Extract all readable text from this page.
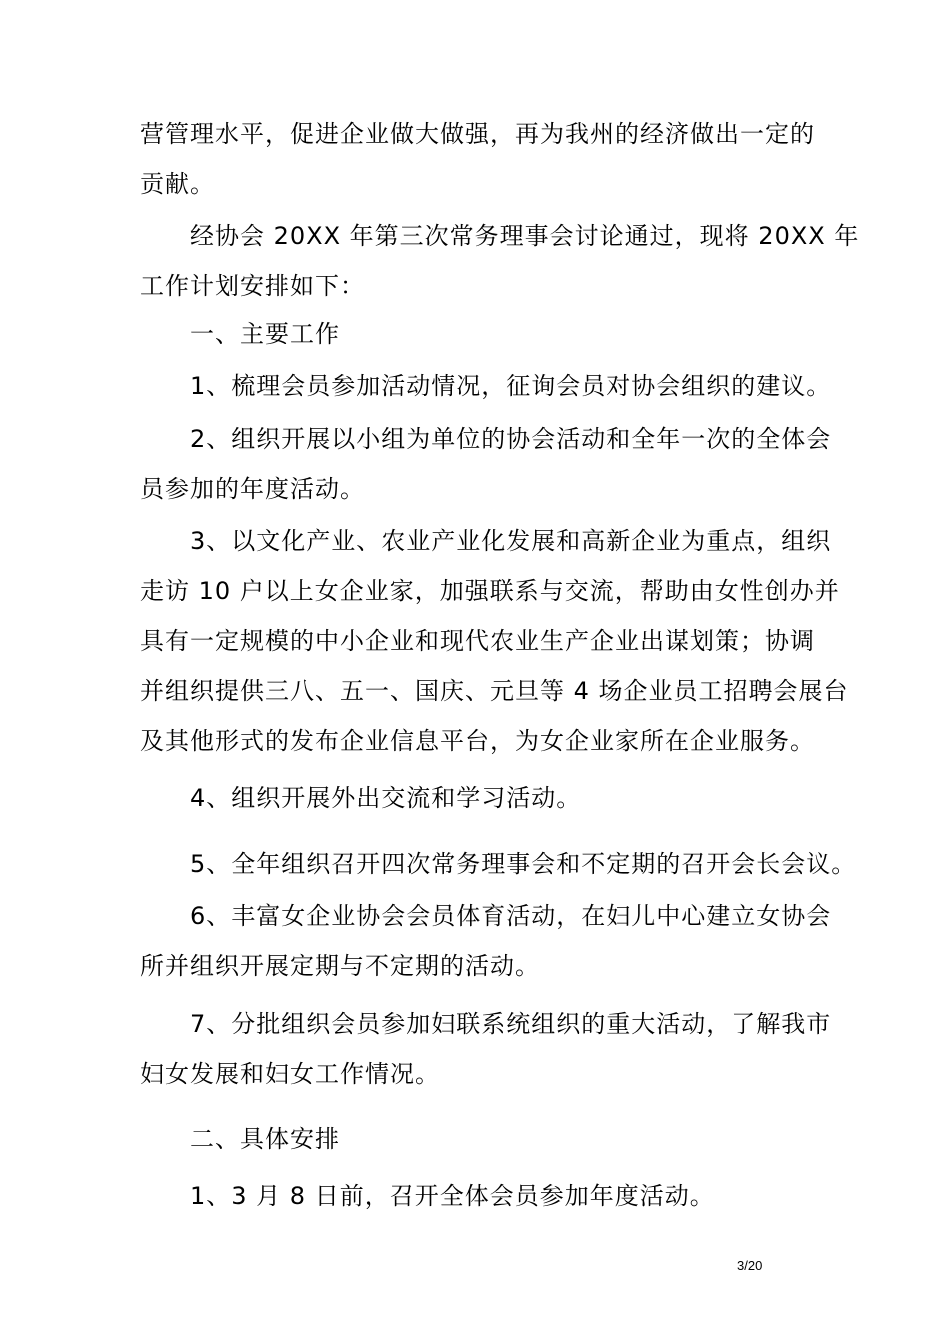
营管理水平，促进企业做大做强，再为我州的经济做出一定的
贡献。
经协会 20XX 年第三次常务理事会讨论通过，现将 20XX 年
工作计划安排如下：
一、主要工作
1、梳理会员参加活动情况，征询会员对协会组织的建议。
2、组织开展以小组为单位的协会活动和全年一次的全体会
员参加的年度活动。
3、以文化产业、农业产业化发展和高新企业为重点，组织
走访 10 户以上女企业家，加强联系与交流，帮助由女性创办并
具有一定规模的中小企业和现代农业生产企业出谋划策；协调
并组织提供三八、五一、国庆、元旦等 4 场企业员工招聘会展台
及其他形式的发布企业信息平台，为女企业家所在企业服务。
4、组织开展外出交流和学习活动。
5、全年组织召开四次常务理事会和不定期的召开会长会议。
6、丰富女企业协会会员体育活动，在妇儿中心建立女协会
所并组织开展定期与不定期的活动。
7、分批组织会员参加妇联系统组织的重大活动，了解我市
妇女发展和妇女工作情况。
二、具体安排
1、3 月 8 日前，召开全体会员参加年度活动。
3/20
